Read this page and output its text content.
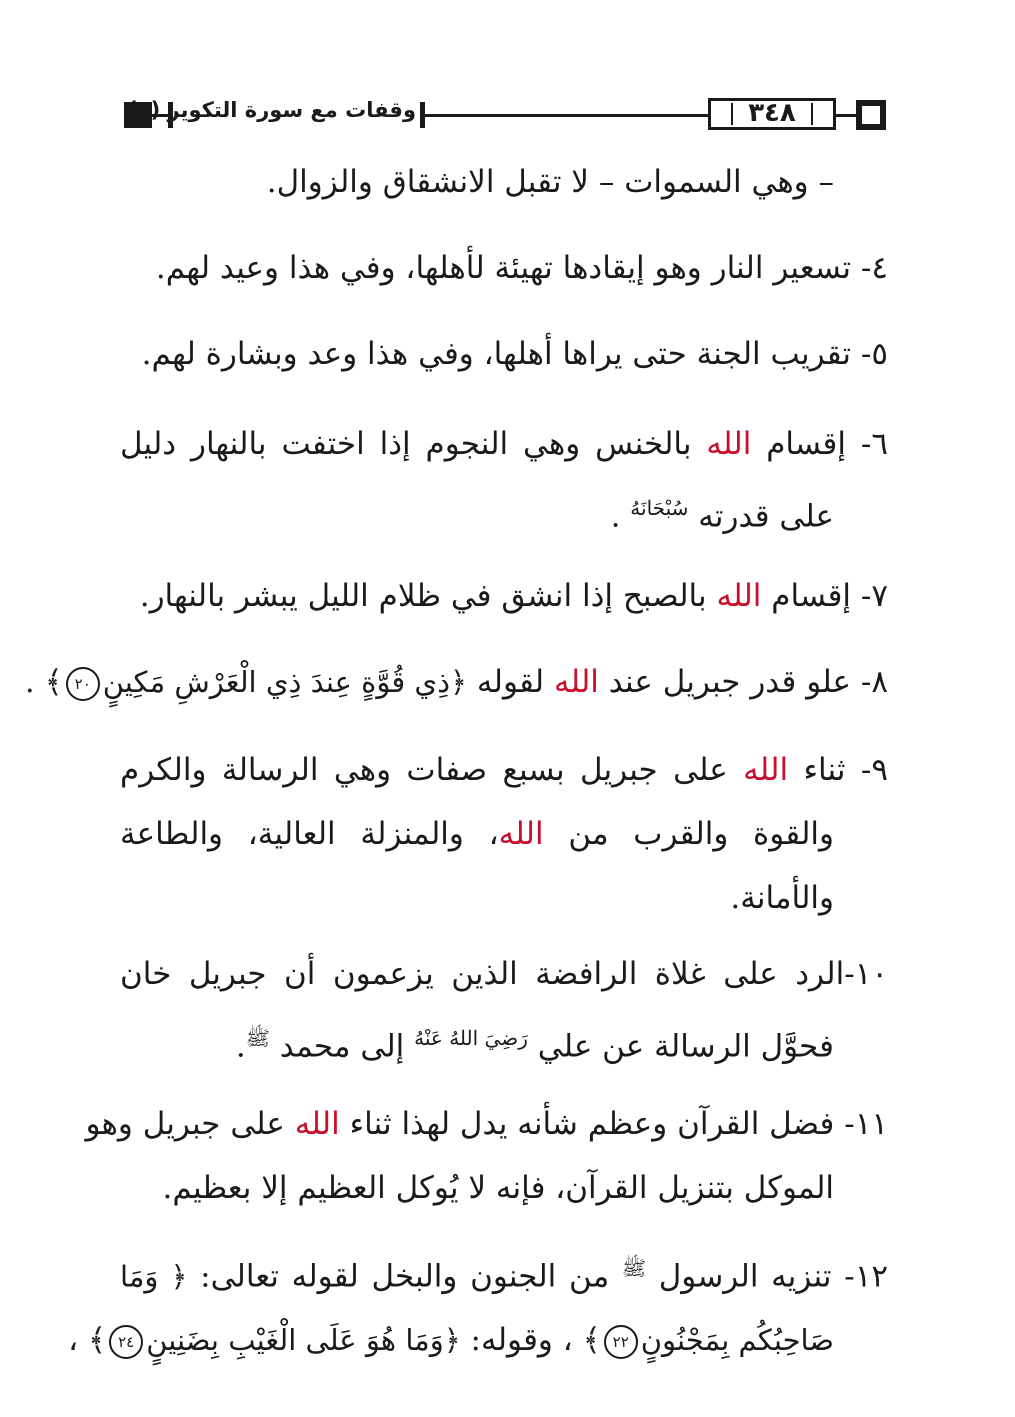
وقفات مع سورة التكوير (٢)	٣٤٨
– وهي السموات – لا تقبل الانشقاق والزوال.
٤- تسعير النار وهو إيقادها تهيئة لأهلها، وفي هذا وعيد لهم.
٥- تقريب الجنة حتى يراها أهلها، وفي هذا وعد وبشارة لهم.
٦- إقسام الله بالخنس وهي النجوم إذا اختفت بالنهار دليل
على قدرته $^{سُبْحَانَهُ}$ .
٧- إقسام الله بالصبح إذا انشق في ظلام الليل يبشر بالنهار.
٨- علو قدر جبريل عند الله لقوله ﴿ذِي قُوَّةٍ عِندَ ذِي الْعَرْشِ مَكِينٍ٢٠﴾ .
٩- ثناء الله على جبريل بسبع صفات وهي الرسالة والكرم
والقوة والقرب من الله، والمنزلة العالية، والطاعة
والأمانة.
١٠-الرد على غلاة الرافضة الذين يزعمون أن جبريل خان
فحوَّل الرسالة عن علي $^{رَضِيَ اللهُ عَنْهُ}$ إلى محمد $^ﷺ$.
١١- فضل القرآن وعظم شأنه يدل لهذا ثناء الله على جبريل وهو
الموكل بتنزيل القرآن، فإنه لا يُوكل العظيم إلا بعظيم.
١٢- تنزيه الرسول $^ﷺ$ من الجنون والبخل لقوله تعالى: ﴿ وَمَا
صَاحِبُكُم بِمَجْنُونٍ٢٢﴾ ، وقوله: ﴿وَمَا هُوَ عَلَى الْغَيْبِ بِضَنِينٍ٢٤﴾ ،
